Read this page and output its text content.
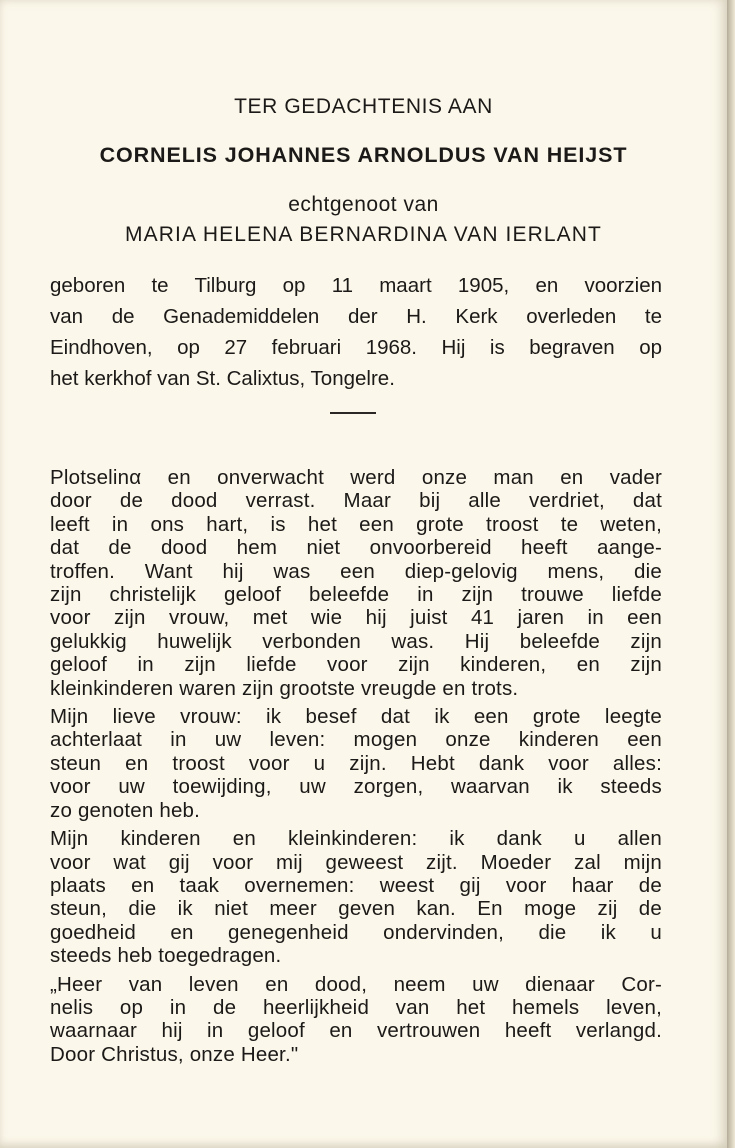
TER GEDACHTENIS AAN
CORNELIS JOHANNES ARNOLDUS VAN HEIJST
echtgenoot van
MARIA HELENA BERNARDINA VAN IERLANT
geboren te Tilburg op 11 maart 1905, en voorzien
van de Genademiddelen der H. Kerk overleden te
Eindhoven, op 27 februari 1968. Hij is begraven op
het kerkhof van St. Calixtus, Tongelre.

Plotselinα en onverwacht werd onze man en vader
door de dood verrast. Maar bij alle verdriet, dat
leeft in ons hart, is het een grote troost te weten,
dat de dood hem niet onvoorbereid heeft aange-
troffen. Want hij was een diep-gelovig mens, die
zijn christelijk geloof beleefde in zijn trouwe liefde
voor zijn vrouw, met wie hij juist 41 jaren in een
gelukkig huwelijk verbonden was. Hij beleefde zijn
geloof in zijn liefde voor zijn kinderen, en zijn
kleinkinderen waren zijn grootste vreugde en trots.

Mijn lieve vrouw: ik besef dat ik een grote leegte
achterlaat in uw leven: mogen onze kinderen een
steun en troost voor u zijn. Hebt dank voor alles:
voor uw toewijding, uw zorgen, waarvan ik steeds
zo genoten heb.

Mijn kinderen en kleinkinderen: ik dank u allen
voor wat gij voor mij geweest zijt. Moeder zal mijn
plaats en taak overnemen: weest gij voor haar de
steun, die ik niet meer geven kan. En moge zij de
goedheid en genegenheid ondervinden, die ik u
steeds heb toegedragen.

„Heer van leven en dood, neem uw dienaar Cor-
nelis op in de heerlijkheid van het hemels leven,
waarnaar hij in geloof en vertrouwen heeft verlangd.
Door Christus, onze Heer."
